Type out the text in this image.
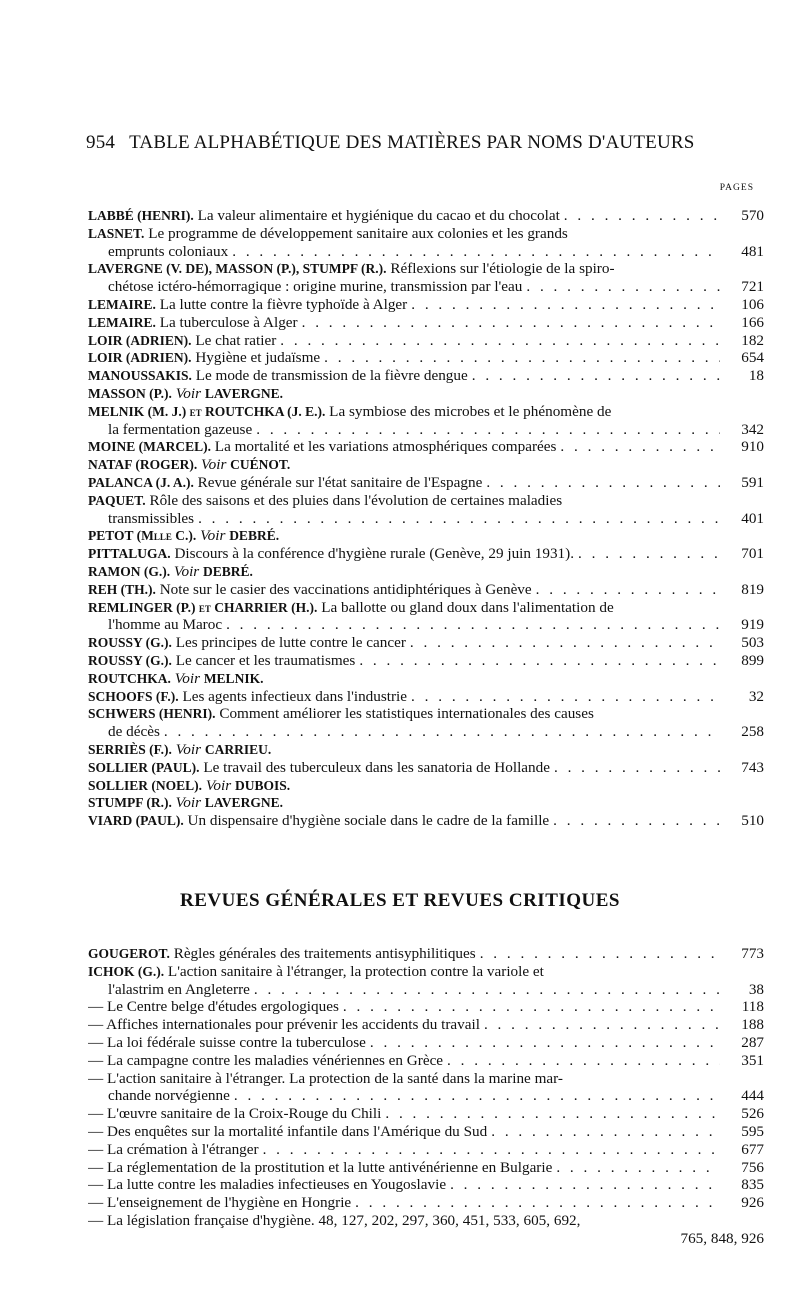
954 TABLE ALPHABÉTIQUE DES MATIÈRES PAR NOMS D'AUTEURS
PAGES
LABBÉ (HENRI). La valeur alimentaire et hygiénique du cacao et du chocolat . . .	570
LASNET. Le programme de développement sanitaire aux colonies et les grands
emprunts coloniaux . . .	481
LAVERGNE (V. DE), MASSON (P.), STUMPF (R.). Réflexions sur l'étiologie de la spiro-
chétose ictéro-hémorragique : origine murine, transmission par l'eau . . .	721
LEMAIRE. La lutte contre la fièvre typhoïde à Alger . . .	106
LEMAIRE. La tuberculose à Alger . . .	166
LOIR (ADRIEN). Le chat ratier . . .	182
LOIR (ADRIEN). Hygiène et judaïsme . . .	654
MANOUSSAKIS. Le mode de transmission de la fièvre dengue . . .	18
MASSON (P.). Voir LAVERGNE.
MELNIK (M. J.) et ROUTCHKA (J. E.). La symbiose des microbes et le phénomène de
la fermentation gazeuse . . .	342
MOINE (MARCEL). La mortalité et les variations atmosphériques comparées . . .	910
NATAF (ROGER). Voir CUÉNOT.
PALANCA (J. A.). Revue générale sur l'état sanitaire de l'Espagne . . .	591
PAQUET. Rôle des saisons et des pluies dans l'évolution de certaines maladies
transmissibles . . .	401
PETOT (Mlle C.). Voir DEBRÉ.
PITTALUGA. Discours à la conférence d'hygiène rurale (Genève, 29 juin 1931). . . .	701
RAMON (G.). Voir DEBRÉ.
REH (TH.). Note sur le casier des vaccinations antidiphtériques à Genève . . .	819
REMLINGER (P.) et CHARRIER (H.). La ballotte ou gland doux dans l'alimentation de
l'homme au Maroc . . .	919
ROUSSY (G.). Les principes de lutte contre le cancer . . .	503
ROUSSY (G.). Le cancer et les traumatismes . . .	899
ROUTCHKA. Voir MELNIK.
SCHOOFS (F.). Les agents infectieux dans l'industrie . . .	32
SCHWERS (HENRI). Comment améliorer les statistiques internationales des causes
de décès . . .	258
SERRIÈS (F.). Voir CARRIEU.
SOLLIER (PAUL). Le travail des tuberculeux dans les sanatoria de Hollande . . .	743
SOLLIER (NOEL). Voir DUBOIS.
STUMPF (R.). Voir LAVERGNE.
VIARD (PAUL). Un dispensaire d'hygiène sociale dans le cadre de la famille . . .	510
REVUES GÉNÉRALES ET REVUES CRITIQUES
GOUGEROT. Règles générales des traitements antisyphilitiques . . .	773
ICHOK (G.). L'action sanitaire à l'étranger, la protection contre la variole et
l'alastrim en Angleterre . . .	38
— Le Centre belge d'études ergologiques . . .	118
— Affiches internationales pour prévenir les accidents du travail . . .	188
— La loi fédérale suisse contre la tuberculose . . .	287
— La campagne contre les maladies vénériennes en Grèce . . .	351
— L'action sanitaire à l'étranger. La protection de la santé dans la marine mar-
chande norvégienne . . .	444
— L'œuvre sanitaire de la Croix-Rouge du Chili . . .	526
— Des enquêtes sur la mortalité infantile dans l'Amérique du Sud . . .	595
— La crémation à l'étranger . . .	677
— La réglementation de la prostitution et la lutte antivénérienne en Bulgarie . . .	756
— La lutte contre les maladies infectieuses en Yougoslavie . . .	835
— L'enseignement de l'hygiène en Hongrie . . .	926
— La législation française d'hygiène. 48, 127, 202, 297, 360, 451, 533, 605, 692,
765, 848, 926
